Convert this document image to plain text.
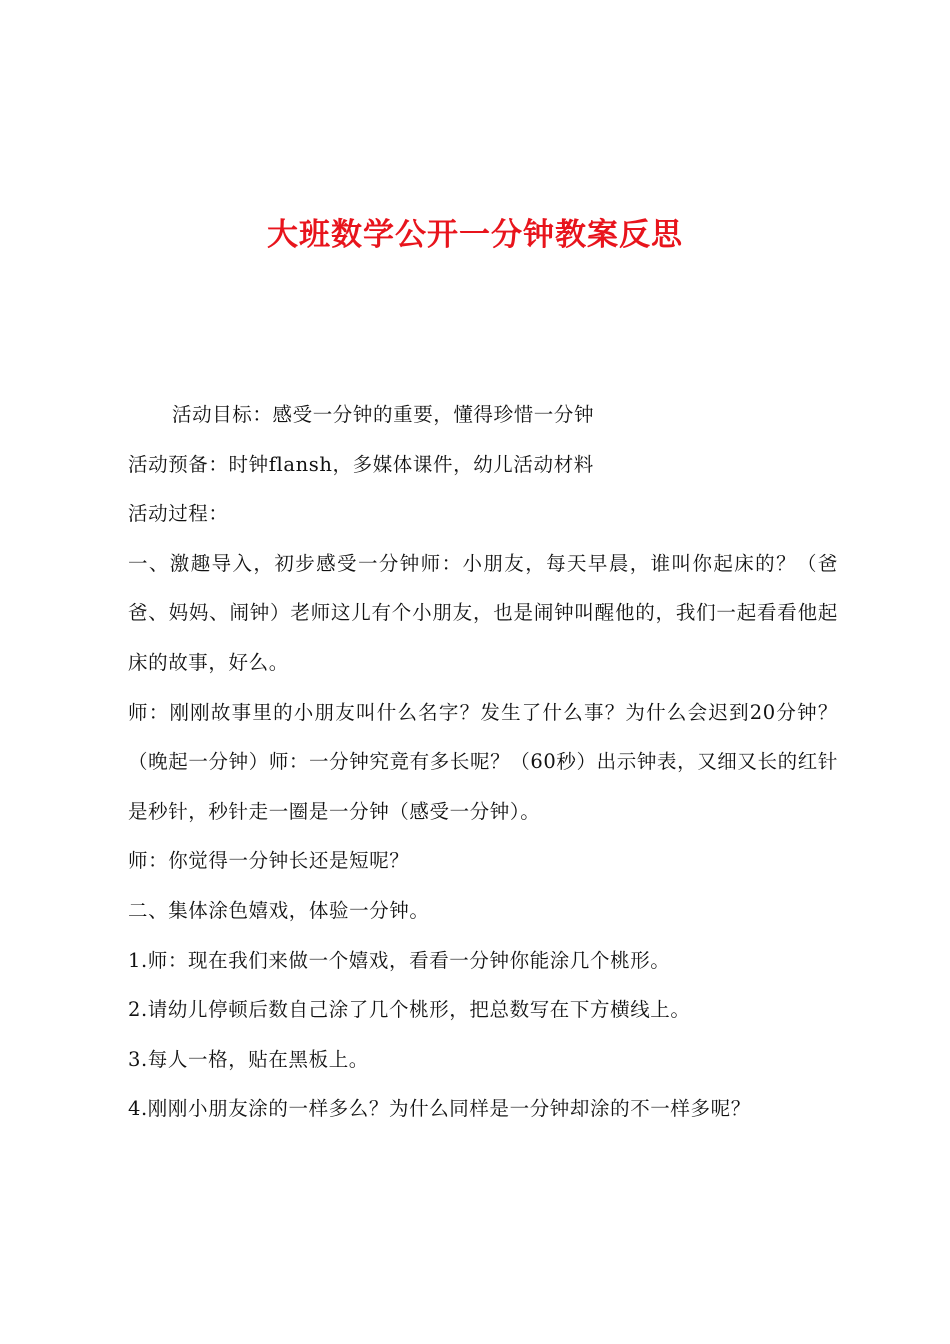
大班数学公开一分钟教案反思

活动目标：感受一分钟的重要，懂得珍惜一分钟

活动预备：时钟flansh，多媒体课件，幼儿活动材料

活动过程：

一、激趣导入，初步感受一分钟师：小朋友，每天早晨，谁叫你起床的？（爸爸、妈妈、闹钟）老师这儿有个小朋友，也是闹钟叫醒他的，我们一起看看他起床的故事，好么。

师：刚刚故事里的小朋友叫什么名字？发生了什么事？为什么会迟到20分钟？（晚起一分钟）师：一分钟究竟有多长呢？（60秒）出示钟表，又细又长的红针是秒针，秒针走一圈是一分钟（感受一分钟）。

师：你觉得一分钟长还是短呢？

二、集体涂色嬉戏，体验一分钟。

1.师：现在我们来做一个嬉戏，看看一分钟你能涂几个桃形。

2.请幼儿停顿后数自己涂了几个桃形，把总数写在下方横线上。

3.每人一格，贴在黑板上。

4.刚刚小朋友涂的一样多么？为什么同样是一分钟却涂的不一样多呢？
